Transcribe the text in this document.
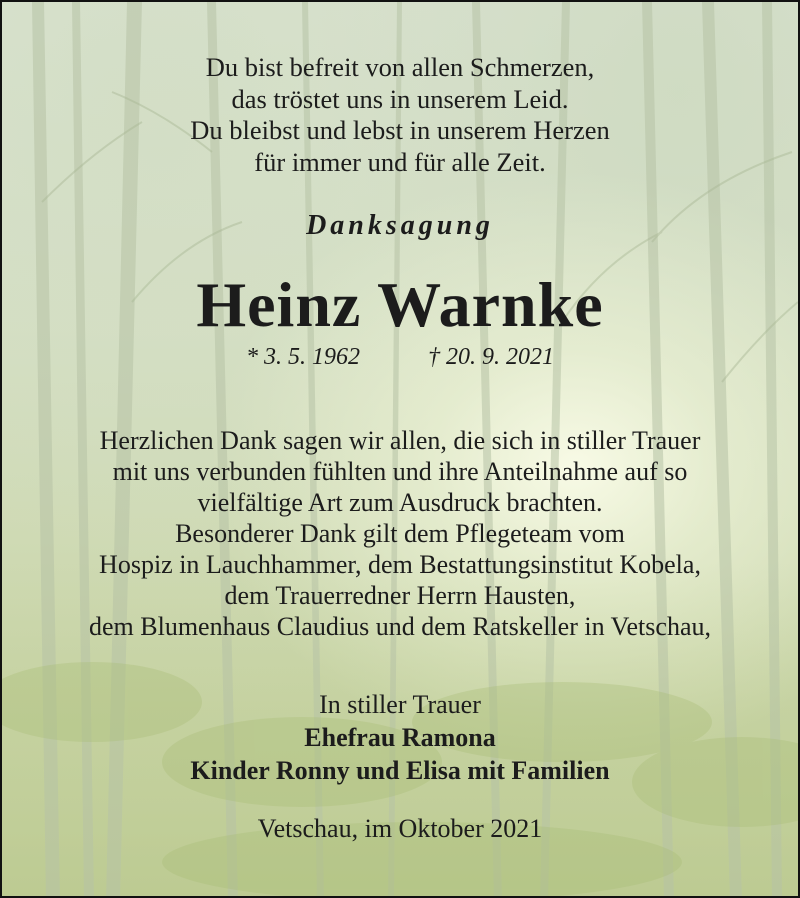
Du bist befreit von allen Schmerzen,
das tröstet uns in unserem Leid.
Du bleibst und lebst in unserem Herzen
für immer und für alle Zeit.
Danksagung
Heinz Warnke
* 3. 5. 1962	† 20. 9. 2021
Herzlichen Dank sagen wir allen, die sich in stiller Trauer
mit uns verbunden fühlten und ihre Anteilnahme auf so
vielfältige Art zum Ausdruck brachten.
Besonderer Dank gilt dem Pflegeteam vom
Hospiz in Lauchhammer, dem Bestattungsinstitut Kobela,
dem Trauerredner Herrn Hausten,
dem Blumenhaus Claudius und dem Ratskeller in Vetschau,
In stiller Trauer
Ehefrau Ramona
Kinder Ronny und Elisa mit Familien
Vetschau, im Oktober 2021
